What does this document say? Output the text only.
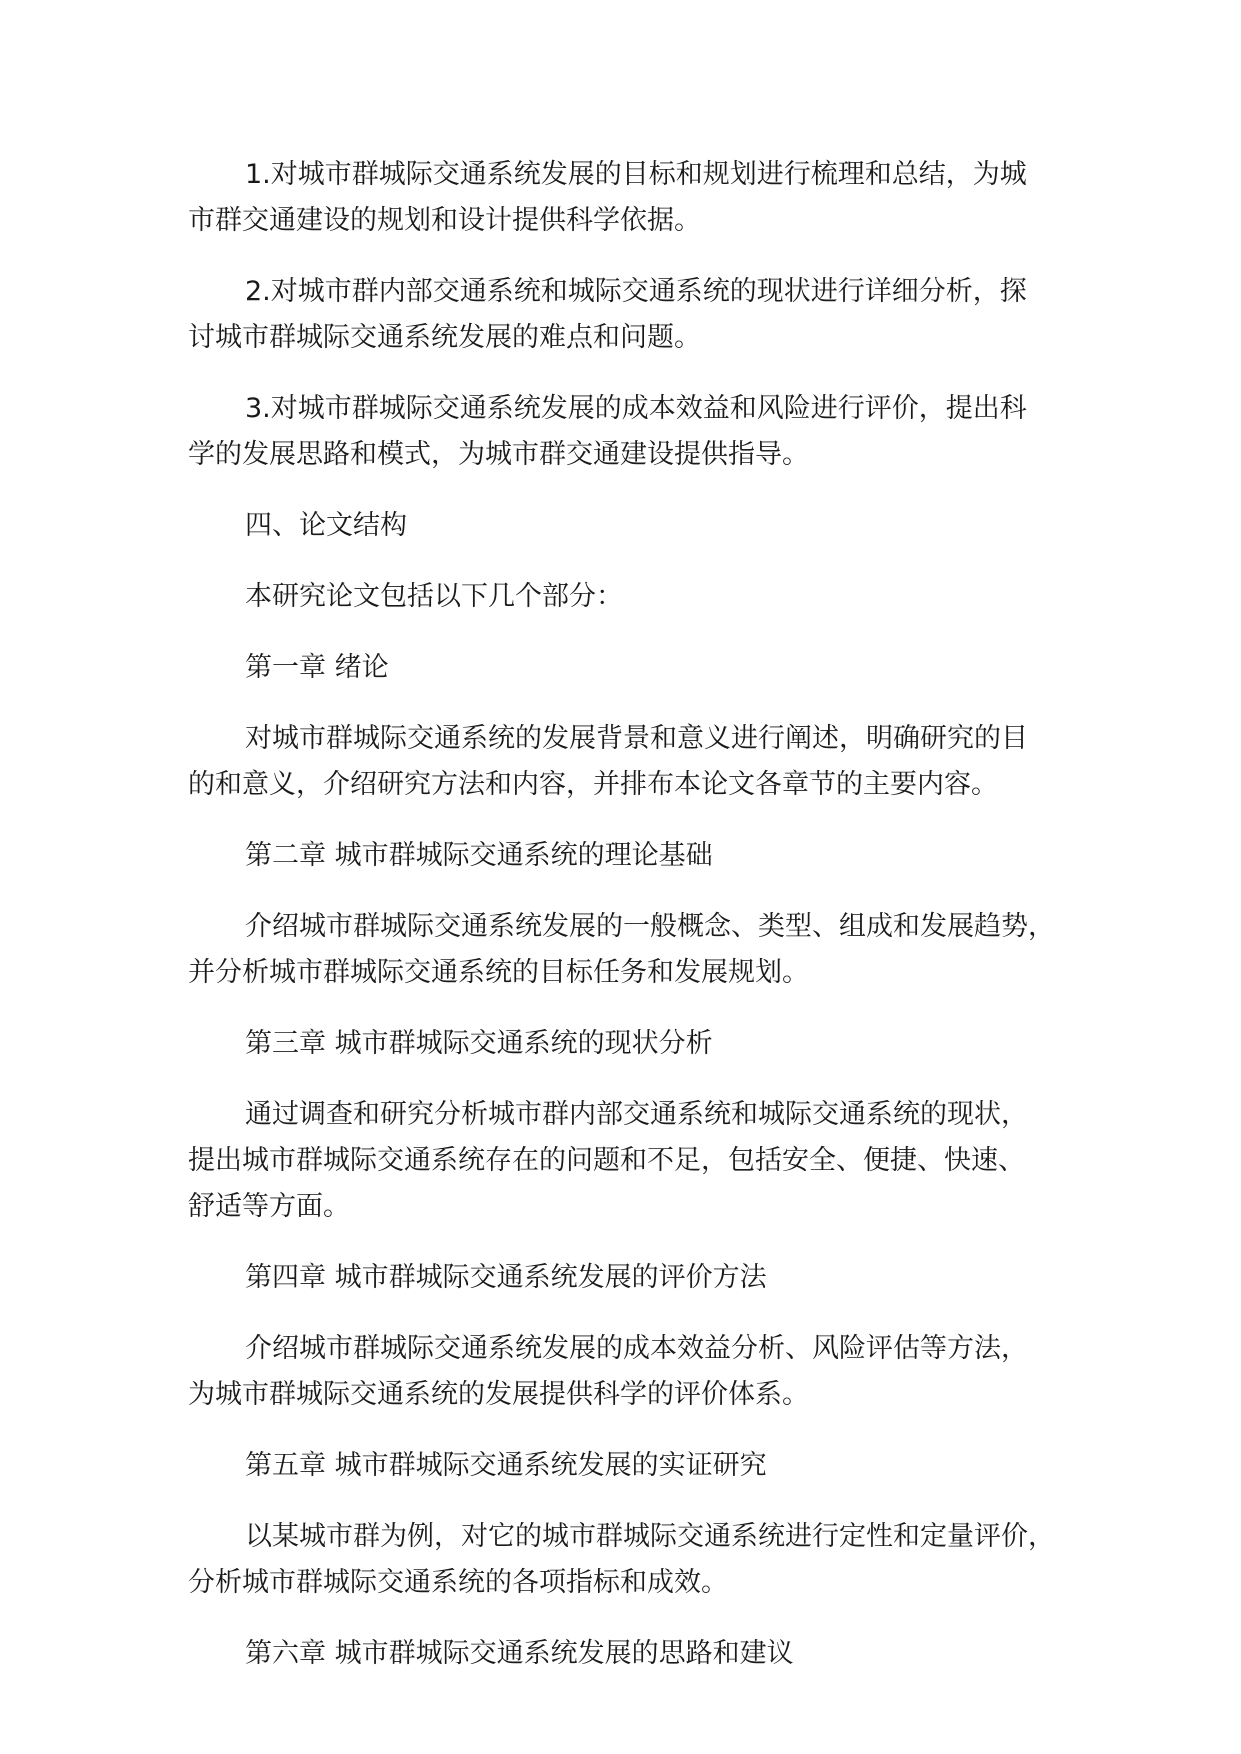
1.对城市群城际交通系统发展的目标和规划进行梳理和总结，为城
市群交通建设的规划和设计提供科学依据。

2.对城市群内部交通系统和城际交通系统的现状进行详细分析，探
讨城市群城际交通系统发展的难点和问题。

3.对城市群城际交通系统发展的成本效益和风险进行评价，提出科
学的发展思路和模式，为城市群交通建设提供指导。

四、论文结构

本研究论文包括以下几个部分：

第一章 绪论

对城市群城际交通系统的发展背景和意义进行阐述，明确研究的目
的和意义，介绍研究方法和内容，并排布本论文各章节的主要内容。

第二章 城市群城际交通系统的理论基础

介绍城市群城际交通系统发展的一般概念、类型、组成和发展趋势，
并分析城市群城际交通系统的目标任务和发展规划。

第三章 城市群城际交通系统的现状分析

通过调查和研究分析城市群内部交通系统和城际交通系统的现状，
提出城市群城际交通系统存在的问题和不足，包括安全、便捷、快速、
舒适等方面。

第四章 城市群城际交通系统发展的评价方法

介绍城市群城际交通系统发展的成本效益分析、风险评估等方法，
为城市群城际交通系统的发展提供科学的评价体系。

第五章 城市群城际交通系统发展的实证研究

以某城市群为例，对它的城市群城际交通系统进行定性和定量评价，
分析城市群城际交通系统的各项指标和成效。

第六章 城市群城际交通系统发展的思路和建议
